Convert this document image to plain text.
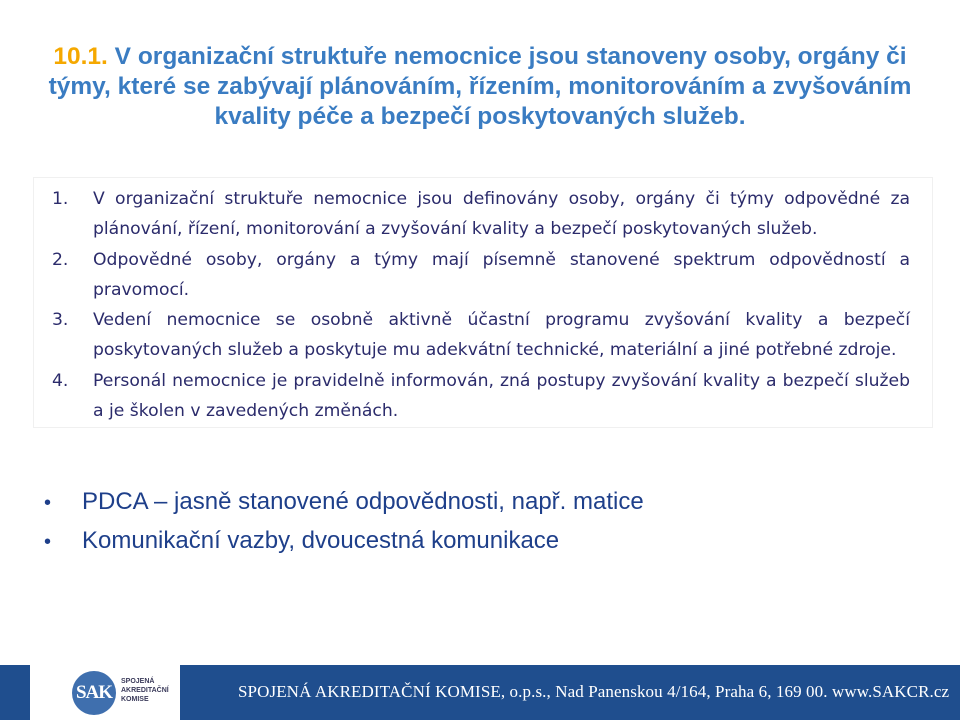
10.1. V organizační struktuře nemocnice jsou stanoveny osoby, orgány či týmy, které se zabývají plánováním, řízením, monitorováním a zvyšováním kvality péče a bezpečí poskytovaných služeb.
1.	V organizační struktuře nemocnice jsou definovány osoby, orgány či týmy odpovědné za plánování, řízení, monitorování a zvyšování kvality a bezpečí poskytovaných služeb.
2.	Odpovědné osoby, orgány a týmy mají písemně stanovené spektrum odpovědností a pravomocí.
3.	Vedení nemocnice se osobně aktivně účastní programu zvyšování kvality a bezpečí poskytovaných služeb a poskytuje mu adekvátní technické, materiální a jiné potřebné zdroje.
4.	Personál nemocnice je pravidelně informován, zná postupy zvyšování kvality a bezpečí služeb a je školen v zavedených změnách.
•	PDCA – jasně stanovené odpovědnosti, např. matice
•	Komunikační vazby, dvoucestná komunikace
SPOJENÁ AKREDITAČNÍ KOMISE, o.p.s., Nad Panenskou 4/164, Praha 6, 169 00. www.SAKCR.cz
SAK
SPOJENÁ
AKREDITAČNÍ
KOMISE
